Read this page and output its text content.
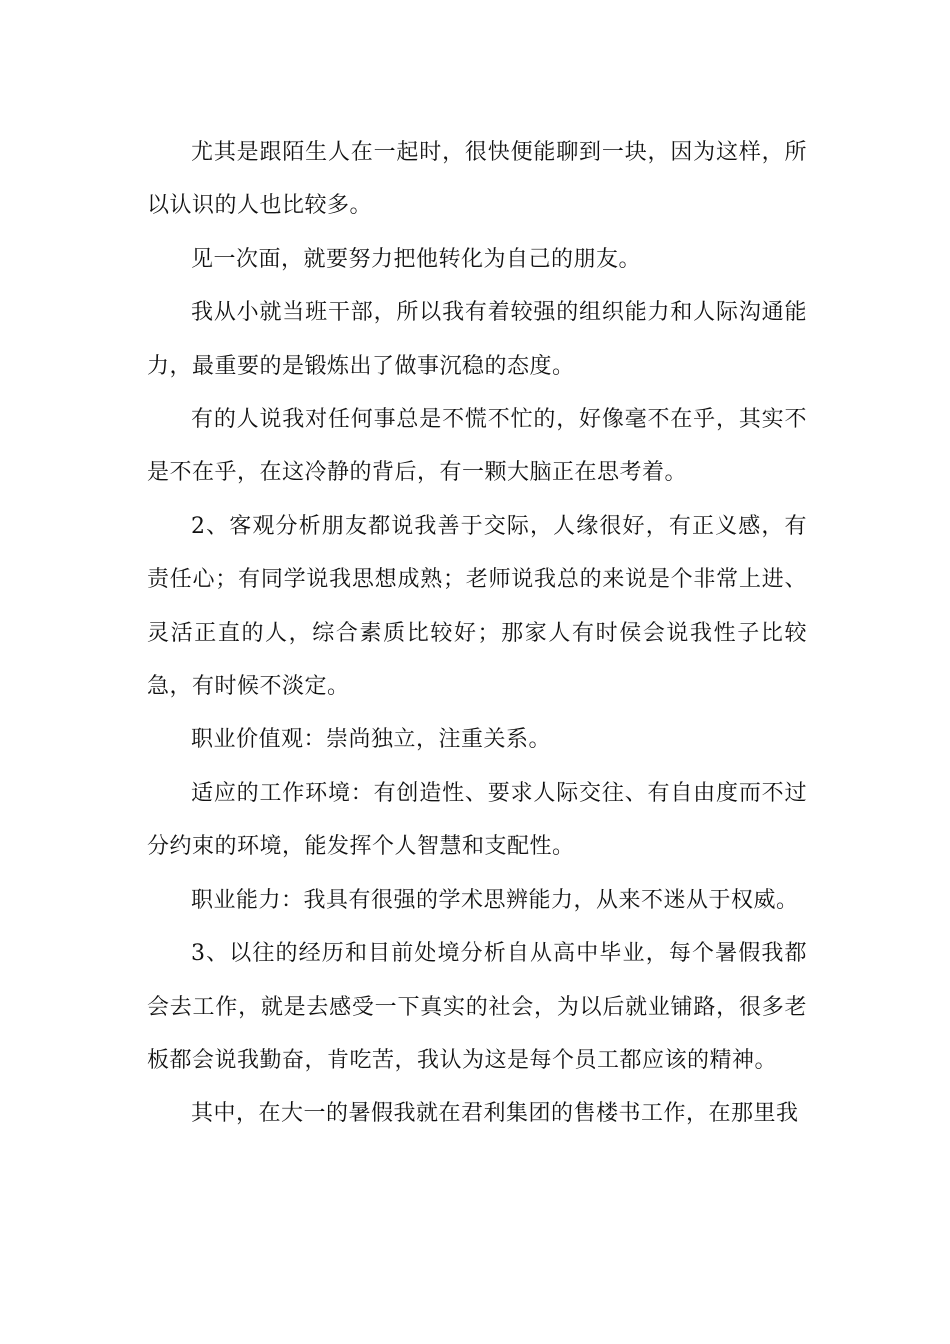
尤其是跟陌生人在一起时，很快便能聊到一块，因为这样，所以认识的人也比较多。

见一次面，就要努力把他转化为自己的朋友。

我从小就当班干部，所以我有着较强的组织能力和人际沟通能力，最重要的是锻炼出了做事沉稳的态度。

有的人说我对任何事总是不慌不忙的，好像毫不在乎，其实不是不在乎，在这冷静的背后，有一颗大脑正在思考着。

2、客观分析朋友都说我善于交际，人缘很好，有正义感，有责任心；有同学说我思想成熟；老师说我总的来说是个非常上进、灵活正直的人，综合素质比较好；那家人有时侯会说我性子比较急，有时候不淡定。

职业价值观：崇尚独立，注重关系。

适应的工作环境：有创造性、要求人际交往、有自由度而不过分约束的环境，能发挥个人智慧和支配性。

职业能力：我具有很强的学术思辨能力，从来不迷从于权威。

3、以往的经历和目前处境分析自从高中毕业，每个暑假我都会去工作，就是去感受一下真实的社会，为以后就业铺路，很多老板都会说我勤奋，肯吃苦，我认为这是每个员工都应该的精神。

其中，在大一的暑假我就在君利集团的售楼书工作，在那里我
